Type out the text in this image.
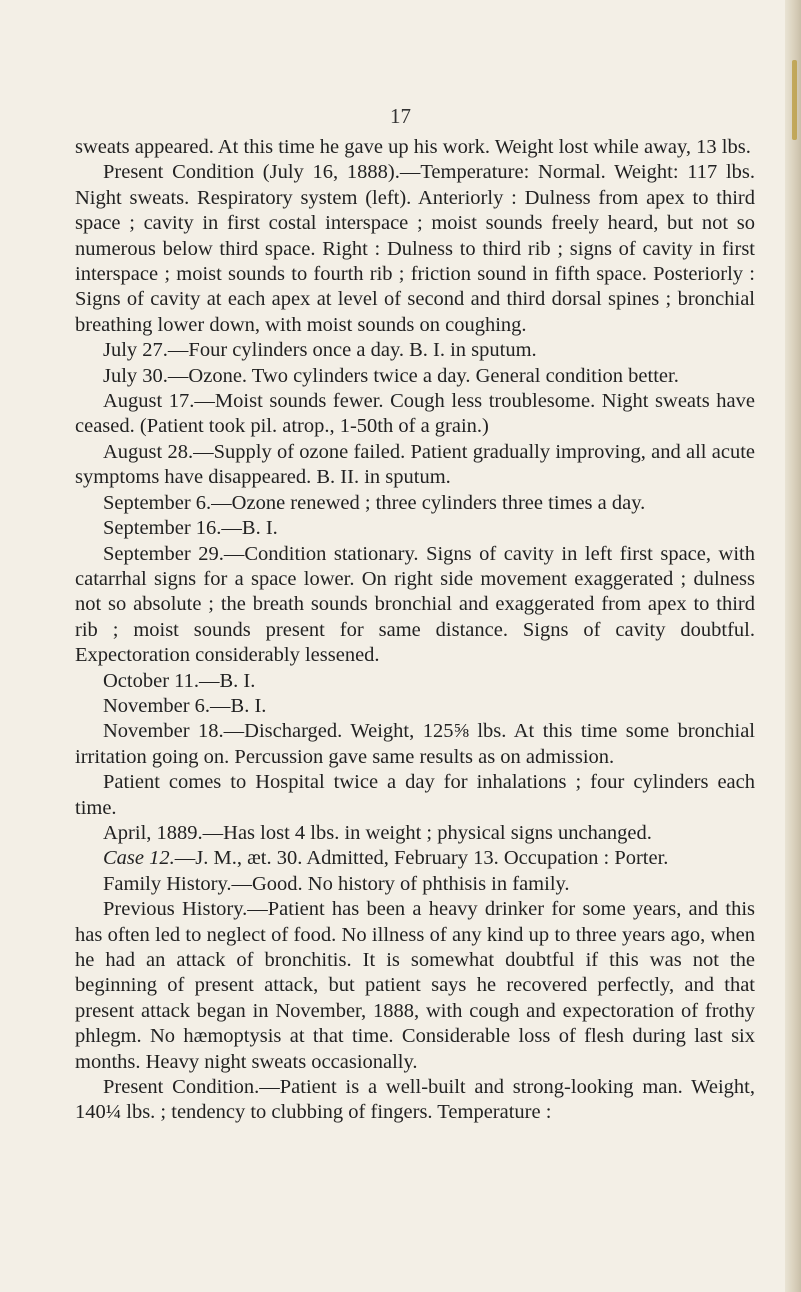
17

sweats appeared. At this time he gave up his work. Weight lost while away, 13 lbs.

Present Condition (July 16, 1888).—Temperature: Normal. Weight: 117 lbs. Night sweats. Respiratory system (left). Anteriorly : Dulness from apex to third space ; cavity in first costal interspace ; moist sounds freely heard, but not so numerous below third space. Right : Dulness to third rib ; signs of cavity in first interspace ; moist sounds to fourth rib ; friction sound in fifth space. Posteriorly : Signs of cavity at each apex at level of second and third dorsal spines ; bronchial breathing lower down, with moist sounds on coughing.

July 27.—Four cylinders once a day. B. I. in sputum.

July 30.—Ozone. Two cylinders twice a day. General condition better.

August 17.—Moist sounds fewer. Cough less troublesome. Night sweats have ceased. (Patient took pil. atrop., 1-50th of a grain.)

August 28.—Supply of ozone failed. Patient gradually improving, and all acute symptoms have disappeared. B. II. in sputum.

September 6.—Ozone renewed ; three cylinders three times a day.

September 16.—B. I.

September 29.—Condition stationary. Signs of cavity in left first space, with catarrhal signs for a space lower. On right side movement exaggerated ; dulness not so absolute ; the breath sounds bronchial and exaggerated from apex to third rib ; moist sounds present for same distance. Signs of cavity doubtful. Expectoration considerably lessened.

October 11.—B. I.

November 6.—B. I.

November 18.—Discharged. Weight, 125⅝ lbs. At this time some bronchial irritation going on. Percussion gave same results as on admission.

Patient comes to Hospital twice a day for inhalations ; four cylinders each time.

April, 1889.—Has lost 4 lbs. in weight ; physical signs unchanged.

Case 12.—J. M., æt. 30. Admitted, February 13. Occupation : Porter.

Family History.—Good. No history of phthisis in family.

Previous History.—Patient has been a heavy drinker for some years, and this has often led to neglect of food. No illness of any kind up to three years ago, when he had an attack of bronchitis. It is somewhat doubtful if this was not the beginning of present attack, but patient says he recovered perfectly, and that present attack began in November, 1888, with cough and expectoration of frothy phlegm. No hæmoptysis at that time. Considerable loss of flesh during last six months. Heavy night sweats occasionally.

Present Condition.—Patient is a well-built and strong-looking man. Weight, 140¼ lbs. ; tendency to clubbing of fingers. Temperature :
